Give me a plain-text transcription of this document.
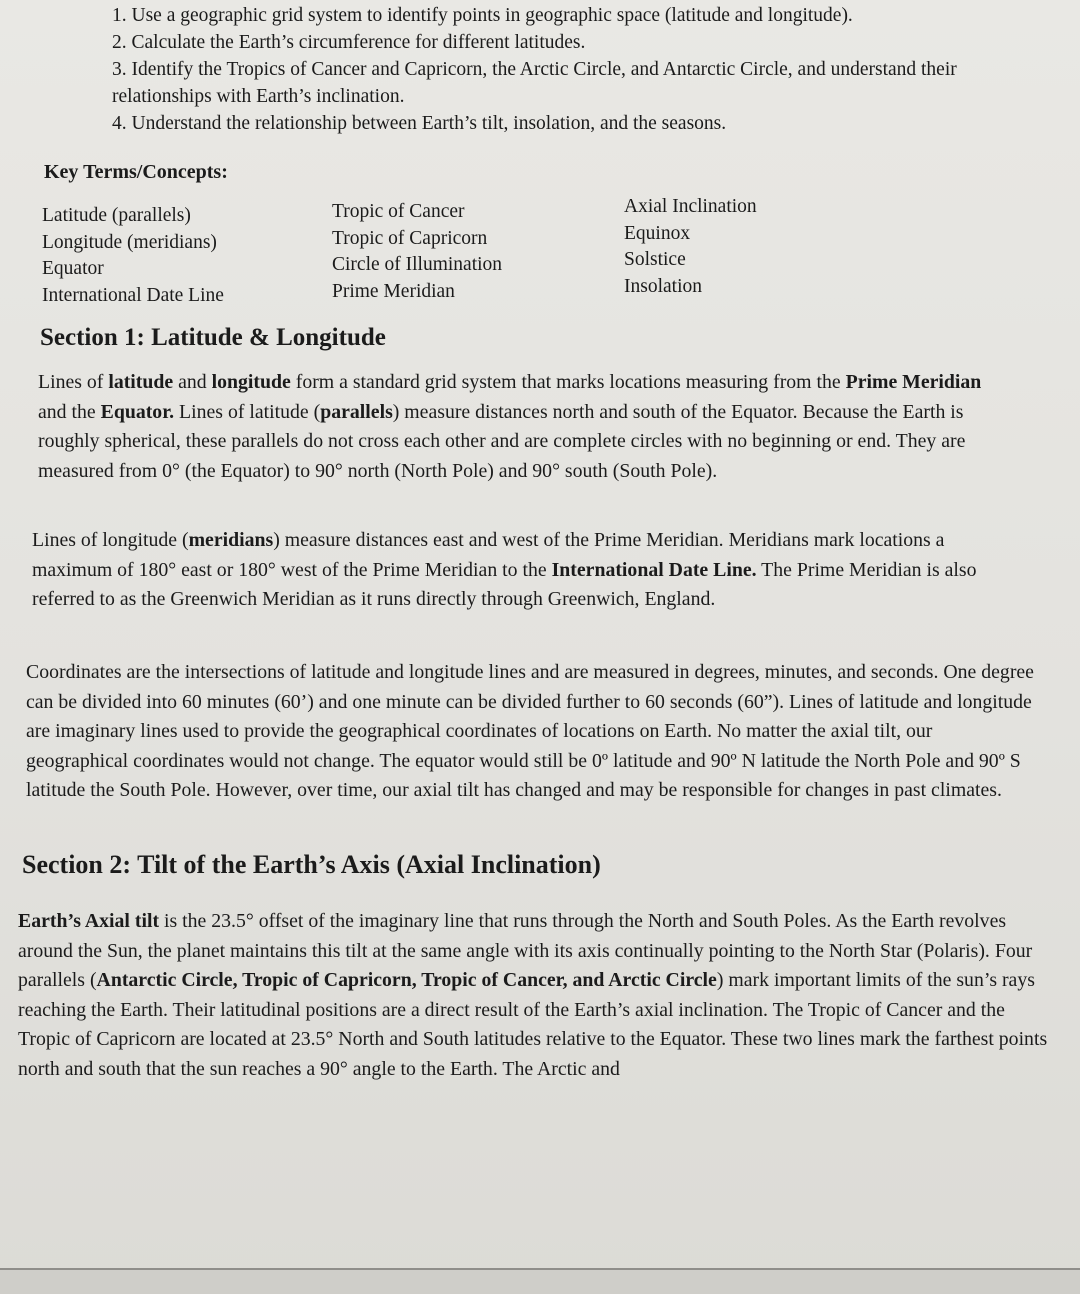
1. Use a geographic grid system to identify points in geographic space (latitude and longitude).
2. Calculate the Earth’s circumference for different latitudes.
3. Identify the Tropics of Cancer and Capricorn, the Arctic Circle, and Antarctic Circle, and understand their relationships with Earth’s inclination.
4. Understand the relationship between Earth’s tilt, insolation, and the seasons.
Key Terms/Concepts:
Latitude (parallels)
Longitude (meridians)
Equator
International Date Line
Tropic of Cancer
Tropic of Capricorn
Circle of Illumination
Prime Meridian
Axial Inclination
Equinox
Solstice
Insolation
Section 1: Latitude & Longitude

Lines of latitude and longitude form a standard grid system that marks locations measuring from the Prime Meridian and the Equator. Lines of latitude (parallels) measure distances north and south of the Equator. Because the Earth is roughly spherical, these parallels do not cross each other and are complete circles with no beginning or end. They are measured from 0° (the Equator) to 90° north (North Pole) and 90° south (South Pole).

Lines of longitude (meridians) measure distances east and west of the Prime Meridian. Meridians mark locations a maximum of 180° east or 180° west of the Prime Meridian to the International Date Line. The Prime Meridian is also referred to as the Greenwich Meridian as it runs directly through Greenwich, England.

Coordinates are the intersections of latitude and longitude lines and are measured in degrees, minutes, and seconds. One degree can be divided into 60 minutes (60’) and one minute can be divided further to 60 seconds (60”). Lines of latitude and longitude are imaginary lines used to provide the geographical coordinates of locations on Earth. No matter the axial tilt, our geographical coordinates would not change. The equator would still be 0º latitude and 90º N latitude the North Pole and 90º S latitude the South Pole. However, over time, our axial tilt has changed and may be responsible for changes in past climates.

Section 2: Tilt of the Earth’s Axis (Axial Inclination)

Earth’s Axial tilt is the 23.5° offset of the imaginary line that runs through the North and South Poles. As the Earth revolves around the Sun, the planet maintains this tilt at the same angle with its axis continually pointing to the North Star (Polaris). Four parallels (Antarctic Circle, Tropic of Capricorn, Tropic of Cancer, and Arctic Circle) mark important limits of the sun’s rays reaching the Earth. Their latitudinal positions are a direct result of the Earth’s axial inclination. The Tropic of Cancer and the Tropic of Capricorn are located at 23.5° North and South latitudes relative to the Equator. These two lines mark the farthest points north and south that the sun reaches a 90° angle to the Earth. The Arctic and
